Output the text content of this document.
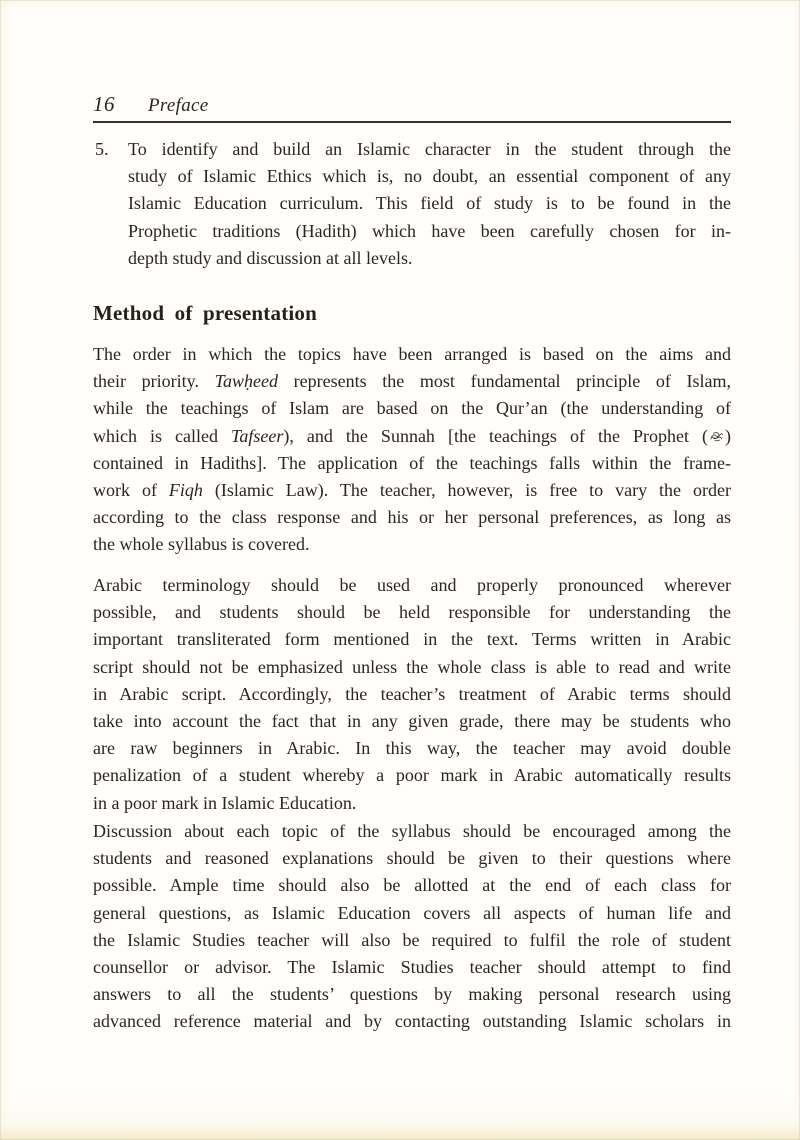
16 Preface
5. To identify and build an Islamic character in the student through the
study of Islamic Ethics which is, no doubt, an essential component of any
Islamic Education curriculum. This field of study is to be found in the
Prophetic traditions (Hadith) which have been carefully chosen for in-
depth study and discussion at all levels.
Method of presentation
The order in which the topics have been arranged is based on the aims and
their priority. Tawḥeed represents the most fundamental principle of Islam,
while the teachings of Islam are based on the Qur’an (the understanding of
which is called Tafseer), and the Sunnah [the teachings of the Prophet ( )
contained in Hadiths]. The application of the teachings falls within the frame-
work of Fiqh (Islamic Law). The teacher, however, is free to vary the order
according to the class response and his or her personal preferences, as long as
the whole syllabus is covered.
Arabic terminology should be used and properly pronounced wherever
possible, and students should be held responsible for understanding the
important transliterated form mentioned in the text. Terms written in Arabic
script should not be emphasized unless the whole class is able to read and write
in Arabic script. Accordingly, the teacher’s treatment of Arabic terms should
take into account the fact that in any given grade, there may be students who
are raw beginners in Arabic. In this way, the teacher may avoid double
penalization of a student whereby a poor mark in Arabic automatically results
in a poor mark in Islamic Education.
Discussion about each topic of the syllabus should be encouraged among the
students and reasoned explanations should be given to their questions where
possible. Ample time should also be allotted at the end of each class for
general questions, as Islamic Education covers all aspects of human life and
the Islamic Studies teacher will also be required to fulfil the role of student
counsellor or advisor. The Islamic Studies teacher should attempt to find
answers to all the students’ questions by making personal research using
advanced reference material and by contacting outstanding Islamic scholars in
